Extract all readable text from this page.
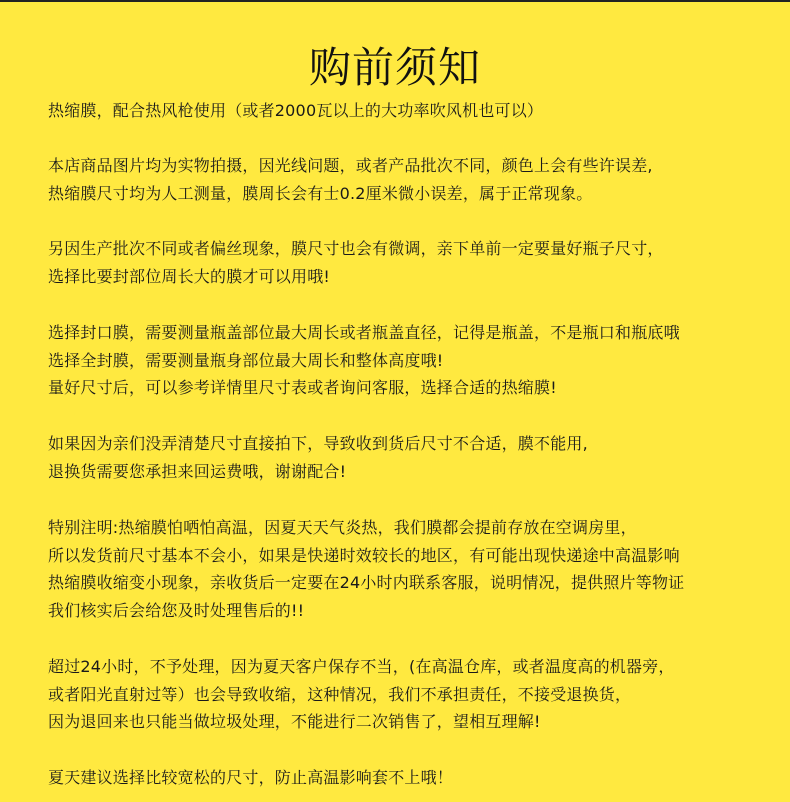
购前须知
热缩膜，配合热风枪使用（或者2000瓦以上的大功率吹风机也可以）
本店商品图片均为实物拍摄，因光线问题，或者产品批次不同，颜色上会有些许误差,
热缩膜尺寸均为人工测量，膜周长会有士0.2厘米微小误差，属于正常现象。
另因生产批次不同或者偏丝现象，膜尺寸也会有微调，亲下单前一定要量好瓶子尺寸，
选择比要封部位周长大的膜才可以用哦!
选择封口膜，需要测量瓶盖部位最大周长或者瓶盖直径，记得是瓶盖，不是瓶口和瓶底哦
选择全封膜，需要测量瓶身部位最大周长和整体高度哦!
量好尺寸后，可以参考详情里尺寸表或者询问客服，选择合适的热缩膜!
如果因为亲们没弄清楚尺寸直接拍下，导致收到货后尺寸不合适，膜不能用,
退换货需要您承担来回运费哦，谢谢配合!
特别注明:热缩膜怕哂怕高温，因夏天天气炎热，我们膜都会提前存放在空调房里，
所以发货前尺寸基本不会小，如果是快递时效较长的地区，有可能出现快递途中高温影响
热缩膜收缩变小现象，亲收货后一定要在24小时内联系客服，说明情况，提供照片等物证
我们核实后会给您及时处理售后的!!
超过24小时，不予处理，因为夏天客户保存不当，(在高温仓库，或者温度高的机器旁，
或者阳光直射过等）也会导致收缩，这种情况，我们不承担责任，不接受退换货，
因为退回来也只能当做垃圾处理，不能进行二次销售了，望相互理解!
夏天建议选择比较宽松的尺寸，防止高温影响套不上哦！
